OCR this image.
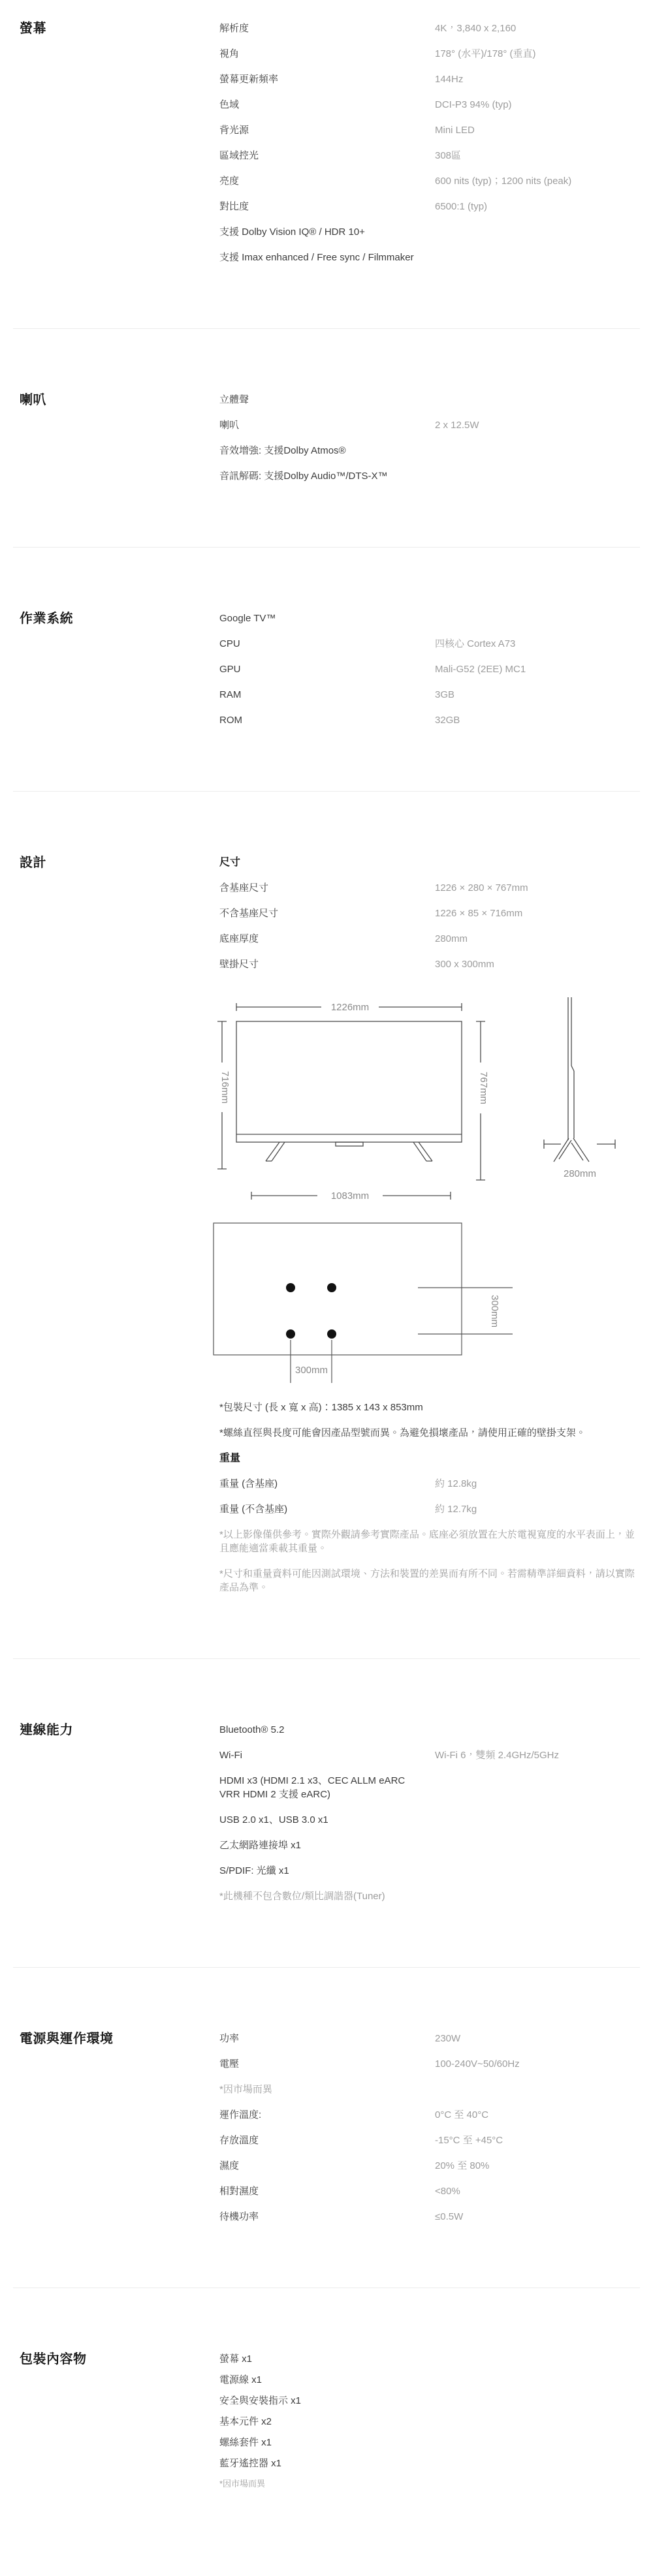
螢幕	解析度	4K，3,840 x 2,160
視角	178° (水平)/178° (垂直)
螢幕更新頻率	144Hz
色域	DCI-P3 94% (typ)
背光源	Mini LED
區域控光	308區
亮度	600 nits (typ)；1200 nits (peak)
對比度	6500:1 (typ)
支援 Dolby Vision IQ® / HDR 10+
支援 Imax enhanced / Free sync / Filmmaker
喇叭	立體聲
喇叭	2 x 12.5W
音效增強: 支援Dolby Atmos®
音訊解碼: 支援Dolby Audio™/DTS-X™
作業系統	Google TV™
CPU	四核心 Cortex A73
GPU	Mali-G52 (2EE) MC1
RAM	3GB
ROM	32GB
設計	尺寸
含基座尺寸	1226 × 280 × 767mm
不含基座尺寸	1226 × 85 × 716mm
底座厚度	280mm
壁掛尺寸	300 x 300mm
1226mm
716mm	767mm
1083mm
280mm
300mm
300mm
*包裝尺寸 (長 x 寬 x 高)：1385 x 143 x 853mm
*螺絲直徑與長度可能會因產品型號而異。為避免損壞產品，請使用正確的壁掛支架。
重量
重量 (含基座)	約 12.8kg
重量 (不含基座)	約 12.7kg
*以上影像僅供參考。實際外觀請參考實際產品。底座必須放置在大於電視寬度的水平表面上，並且應能適當乘載其重量。
*尺寸和重量資料可能因測試環境、方法和裝置的差異而有所不同。若需精準詳細資料，請以實際產品為準。
連線能力	Bluetooth® 5.2
Wi-Fi	Wi-Fi 6，雙頻 2.4GHz/5GHz
HDMI x3 (HDMI 2.1 x3、CEC ALLM eARC VRR HDMI 2 支援 eARC)
USB 2.0 x1、USB 3.0 x1
乙太網路連接埠 x1
S/PDIF: 光纖 x1
*此機種不包含數位/類比調諧器(Tuner)
電源與運作環境	功率	230W
電壓	100-240V~50/60Hz
*因市場而異
運作溫度:	0°C 至 40°C
存放溫度	-15°C 至 +45°C
濕度	20% 至 80%
相對濕度	<80%
待機功率	≤0.5W
包裝內容物	螢幕 x1
電源線 x1
安全與安裝指示 x1
基本元件 x2
螺絲套件 x1
藍牙遙控器 x1
*因市場而異
